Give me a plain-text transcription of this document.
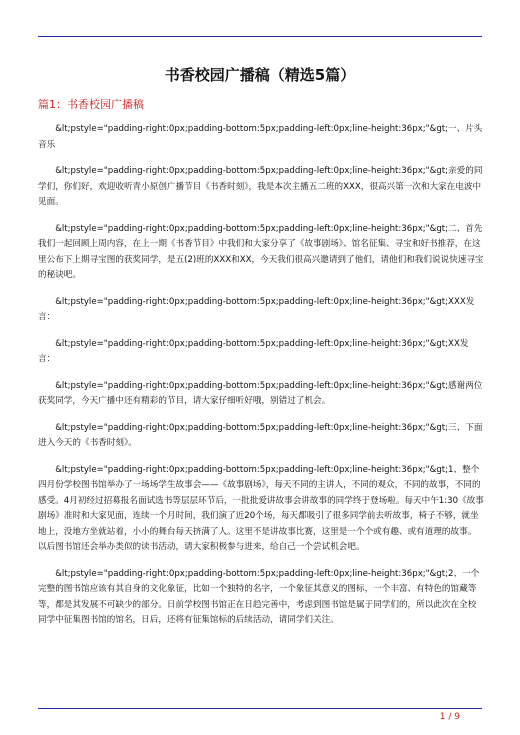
书香校园广播稿（精选5篇）
篇1：书香校园广播稿

&lt;pstyle="padding-right:0px;padding-bottom:5px;padding-left:0px;line-height:36px;"&gt;一、片头音乐

&lt;pstyle="padding-right:0px;padding-bottom:5px;padding-left:0px;line-height:36px;"&gt;亲爱的同学们，你们好，欢迎收听青小原创广播节目《书香时刻》，我是本次主播五二班的XXX，很高兴第一次和大家在电波中见面。

&lt;pstyle="padding-right:0px;padding-bottom:5px;padding-left:0px;line-height:36px;"&gt;二、首先我们一起回顾上周内容，在上一期《书香节目》中我们和大家分享了《故事剧场》、馆名征集、寻宝和好书推荐，在这里公布下上期寻宝图的获奖同学，是五(2)班的XXX和XX，今天我们很高兴邀请到了他们，请他们和我们说说快速寻宝的秘诀吧。

&lt;pstyle="padding-right:0px;padding-bottom:5px;padding-left:0px;line-height:36px;"&gt;XXX发言：

&lt;pstyle="padding-right:0px;padding-bottom:5px;padding-left:0px;line-height:36px;"&gt;XX发言：

&lt;pstyle="padding-right:0px;padding-bottom:5px;padding-left:0px;line-height:36px;"&gt;感谢两位获奖同学，今天广播中还有精彩的节目，请大家仔细听好哦，别错过了机会。

&lt;pstyle="padding-right:0px;padding-bottom:5px;padding-left:0px;line-height:36px;"&gt;三、下面进入今天的《书香时刻》。

&lt;pstyle="padding-right:0px;padding-bottom:5px;padding-left:0px;line-height:36px;"&gt;1、整个四月份学校图书馆举办了一场场学生故事会——《故事剧场》，每天不同的主讲人，不同的观众，不同的故事，不同的感受。4月初经过招募报名面试选书等层层环节后，一批批爱讲故事会讲故事的同学终于登场啦。每天中午1:30《故事剧场》准时和大家见面，连续一个月时间，我们演了近20个场，每天都吸引了很多同学前去听故事，椅子不够，就坐地上，没地方坐就站着，小小的舞台每天挤满了人。这里不是讲故事比赛，这里是一个个或有趣、或有道理的故事。以后图书馆还会举办类似的读书活动，请大家积极参与进来，给自己一个尝试机会吧。

&lt;pstyle="padding-right:0px;padding-bottom:5px;padding-left:0px;line-height:36px;"&gt;2、一个完整的图书馆应该有其自身的文化象征，比如一个独特的名字，一个象征其意义的图标，一个丰富、有特色的馆藏等等，都是其发展不可缺少的部分。日前学校图书馆正在日趋完善中，考虑到图书馆是属于同学们的，所以此次在全校同学中征集图书馆的馆名，日后，还将有征集馆标的后续活动，请同学们关注。

1 / 9
